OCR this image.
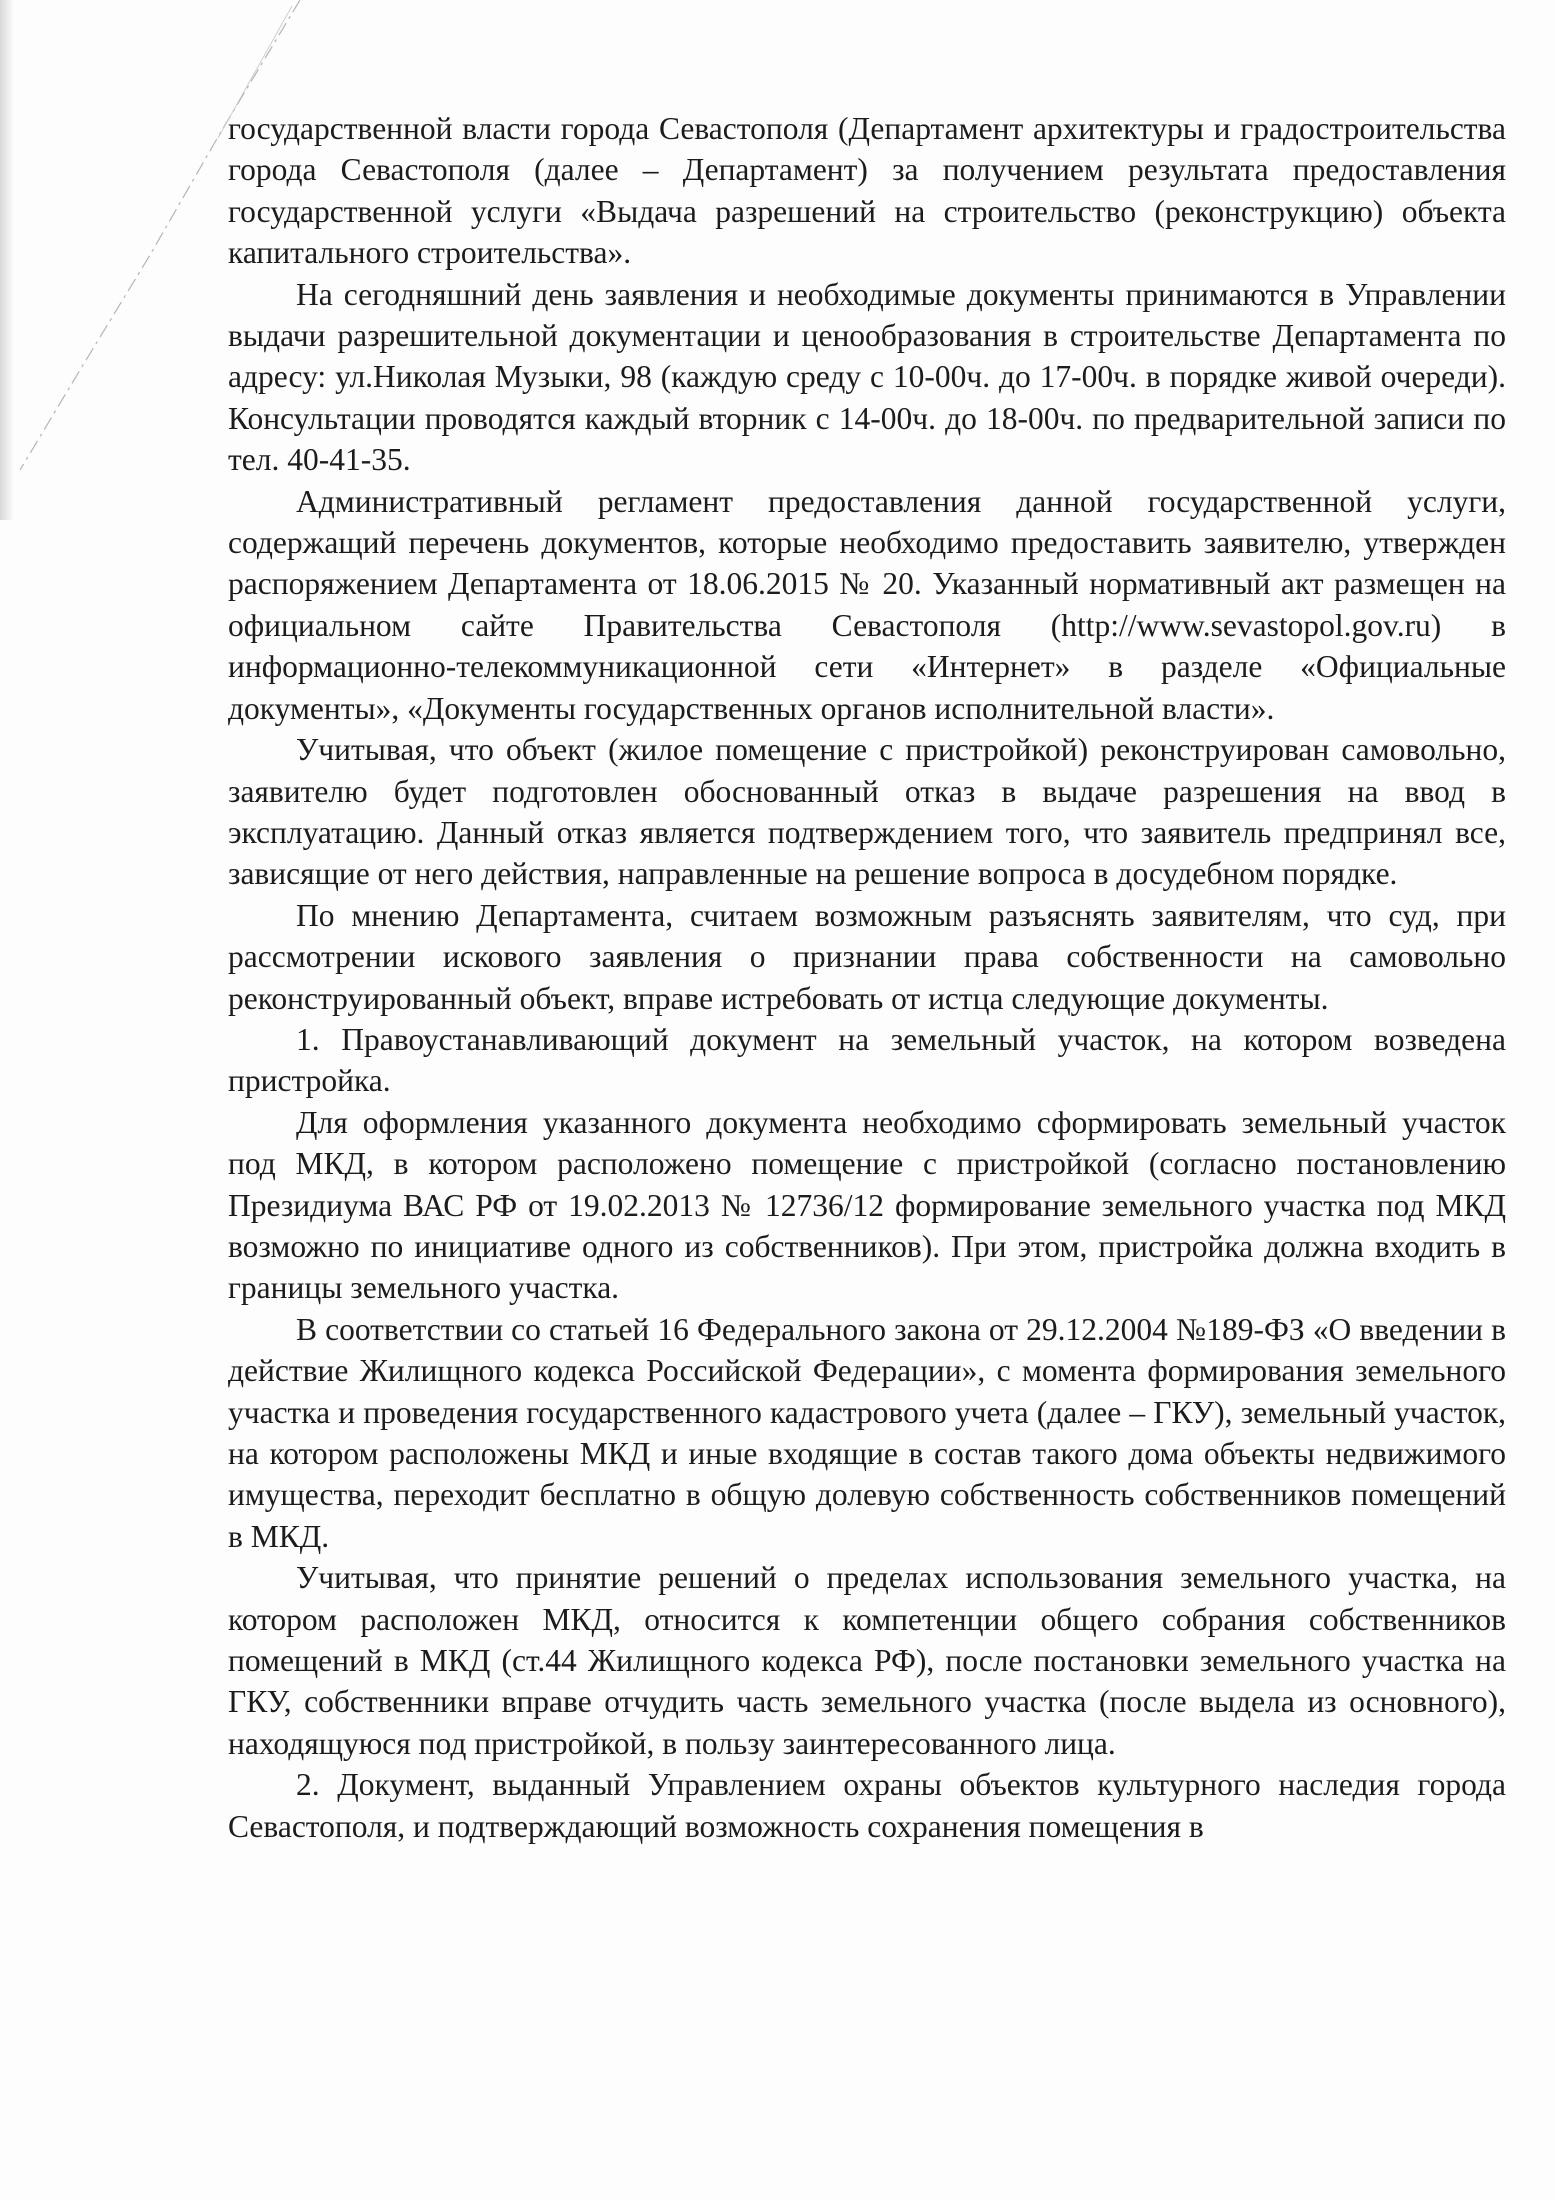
государственной власти города Севастополя (Департамент архитектуры и градостроительства города Севастополя (далее – Департамент) за получением результата предоставления государственной услуги «Выдача разрешений на строительство (реконструкцию) объекта капитального строительства».

На сегодняшний день заявления и необходимые документы принимаются в Управлении выдачи разрешительной документации и ценообразования в строительстве Департамента по адресу: ул.Николая Музыки, 98 (каждую среду с 10-00ч. до 17-00ч. в порядке живой очереди). Консультации проводятся каждый вторник с 14-00ч. до 18-00ч. по предварительной записи по тел. 40-41-35.

Административный регламент предоставления данной государственной услуги, содержащий перечень документов, которые необходимо предоставить заявителю, утвержден распоряжением Департамента от 18.06.2015 № 20. Указанный нормативный акт размещен на официальном сайте Правительства Севастополя (http://www.sevastopol.gov.ru) в информационно-телекоммуникационной сети «Интернет» в разделе «Официальные документы», «Документы государственных органов исполнительной власти».

Учитывая, что объект (жилое помещение с пристройкой) реконструирован самовольно, заявителю будет подготовлен обоснованный отказ в выдаче разрешения на ввод в эксплуатацию. Данный отказ является подтверждением того, что заявитель предпринял все, зависящие от него действия, направленные на решение вопроса в досудебном порядке.

По мнению Департамента, считаем возможным разъяснять заявителям, что суд, при рассмотрении искового заявления о признании права собственности на самовольно реконструированный объект, вправе истребовать от истца следующие документы.

1. Правоустанавливающий документ на земельный участок, на котором возведена пристройка.

Для оформления указанного документа необходимо сформировать земельный участок под МКД, в котором расположено помещение с пристройкой (согласно постановлению Президиума ВАС РФ от 19.02.2013 № 12736/12 формирование земельного участка под МКД возможно по инициативе одного из собственников). При этом, пристройка должна входить в границы земельного участка.

В соответствии со статьей 16 Федерального закона от 29.12.2004 №189-ФЗ «О введении в действие Жилищного кодекса Российской Федерации», с момента формирования земельного участка и проведения государственного кадастрового учета (далее – ГКУ), земельный участок, на котором расположены МКД и иные входящие в состав такого дома объекты недвижимого имущества, переходит бесплатно в общую долевую собственность собственников помещений в МКД.

Учитывая, что принятие решений о пределах использования земельного участка, на котором расположен МКД, относится к компетенции общего собрания собственников помещений в МКД (ст.44 Жилищного кодекса РФ), после постановки земельного участка на ГКУ, собственники вправе отчудить часть земельного участка (после выдела из основного), находящуюся под пристройкой, в пользу заинтересованного лица.

2. Документ, выданный Управлением охраны объектов культурного наследия города Севастополя, и подтверждающий возможность сохранения помещения в
